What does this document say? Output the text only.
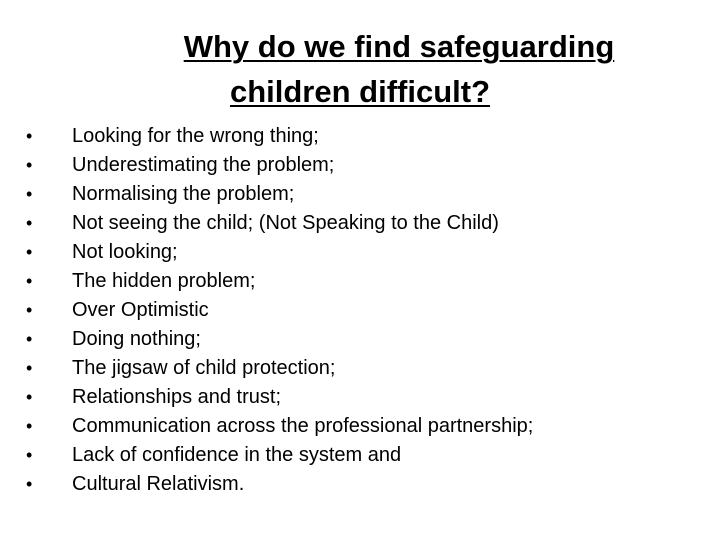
Why do we find safeguarding
children difficult?
• Looking for the wrong thing;
• Underestimating the problem;
• Normalising the problem;
• Not seeing the child; (Not Speaking to the Child)
• Not looking;
• The hidden problem;
• Over Optimistic
• Doing nothing;
• The jigsaw of child protection;
• Relationships and trust;
• Communication across the professional partnership;
• Lack of confidence in the system and
• Cultural Relativism.
